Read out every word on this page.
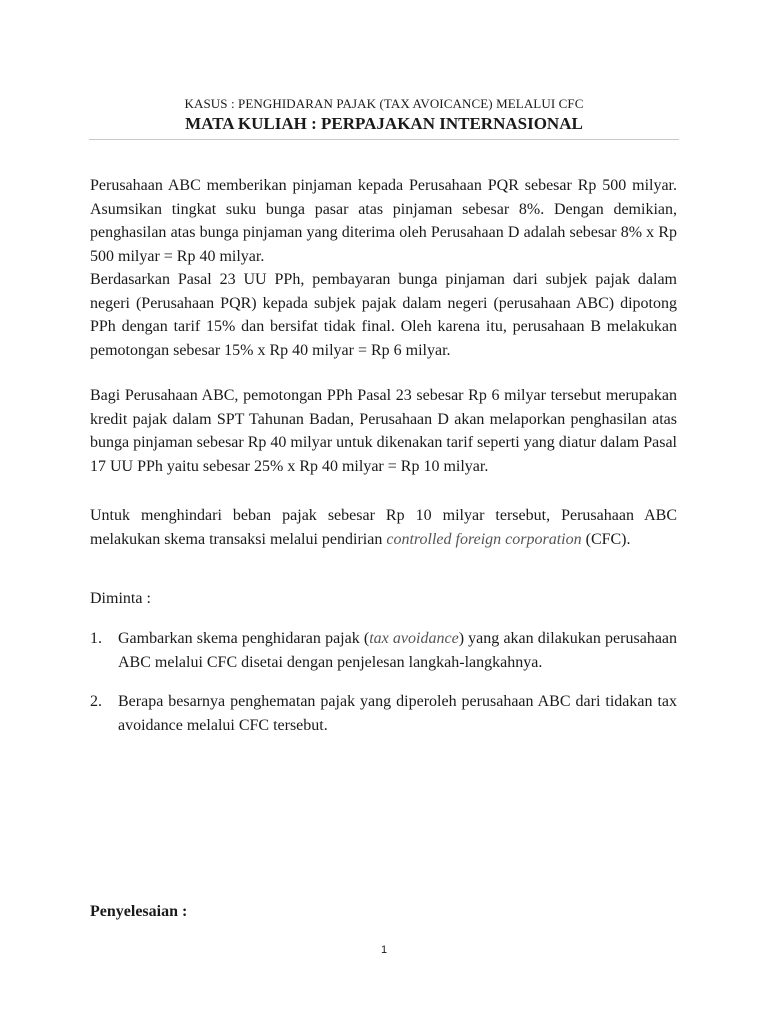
KASUS : PENGHIDARAN PAJAK (TAX AVOICANCE) MELALUI CFC
MATA KULIAH : PERPAJAKAN INTERNASIONAL

Perusahaan ABC memberikan pinjaman kepada Perusahaan PQR sebesar Rp 500 milyar. Asumsikan tingkat suku bunga pasar atas pinjaman sebesar 8%. Dengan demikian, penghasilan atas bunga pinjaman yang diterima oleh Perusahaan D adalah sebesar 8% x Rp 500 milyar = Rp 40 milyar.

Berdasarkan Pasal 23 UU PPh, pembayaran bunga pinjaman dari subjek pajak dalam negeri (Perusahaan PQR) kepada subjek pajak dalam negeri (perusahaan ABC) dipotong PPh dengan tarif 15% dan bersifat tidak final. Oleh karena itu, perusahaan B melakukan pemotongan sebesar 15% x Rp 40 milyar = Rp 6 milyar.

Bagi Perusahaan ABC, pemotongan PPh Pasal 23 sebesar Rp 6 milyar tersebut merupakan kredit pajak dalam SPT Tahunan Badan, Perusahaan D akan melaporkan penghasilan atas bunga pinjaman sebesar Rp 40 milyar untuk dikenakan tarif seperti yang diatur dalam Pasal 17 UU PPh yaitu sebesar 25% x Rp 40 milyar = Rp 10 milyar.

Untuk menghindari beban pajak sebesar Rp 10 milyar tersebut, Perusahaan ABC melakukan skema transaksi melalui pendirian controlled foreign corporation (CFC).

Diminta :

1.	Gambarkan skema penghidaran pajak (tax avoidance) yang akan dilakukan perusahaan ABC melalui CFC disetai dengan penjelesan langkah-langkahnya.
2.	Berapa besarnya penghematan pajak yang diperoleh perusahaan ABC dari tidakan tax avoidance melalui CFC tersebut.
Penyelesaian :
1
